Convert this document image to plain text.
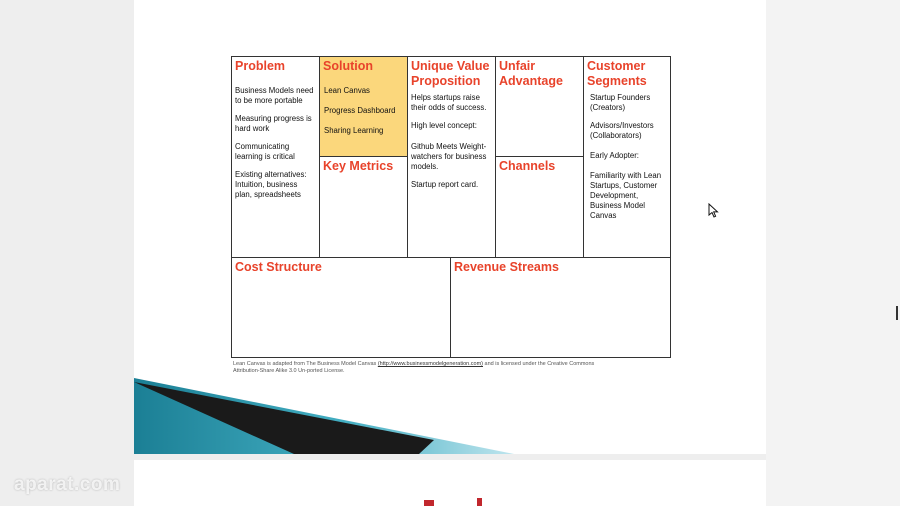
Problem

Business Models need to be more portable

Measuring progress is hard work

Communicating learning is critical

Existing alternatives: Intuition, business plan, spreadsheets

Solution

Lean Canvas

Progress Dashboard

Sharing Learning

Key Metrics
Unique Value
Proposition

Helps startups raise their odds of success.

High level concept:

Github Meets Weight-watchers for business models.

Startup report card.

Unfair
Advantage
Channels
Customer
Segments

Startup Founders (Creators)

Advisors/Investors (Collaborators)

Early Adopter:

Familiarity with Lean Startups, Customer Development, Business Model Canvas

Cost Structure	Revenue Streams
Lean Canvas is adapted from The Business Model Canvas (http://www.businessmodelgeneration.com) and is licensed under the Creative Commons Attribution-Share Alike 3.0 Un-ported License.
aparat.com
